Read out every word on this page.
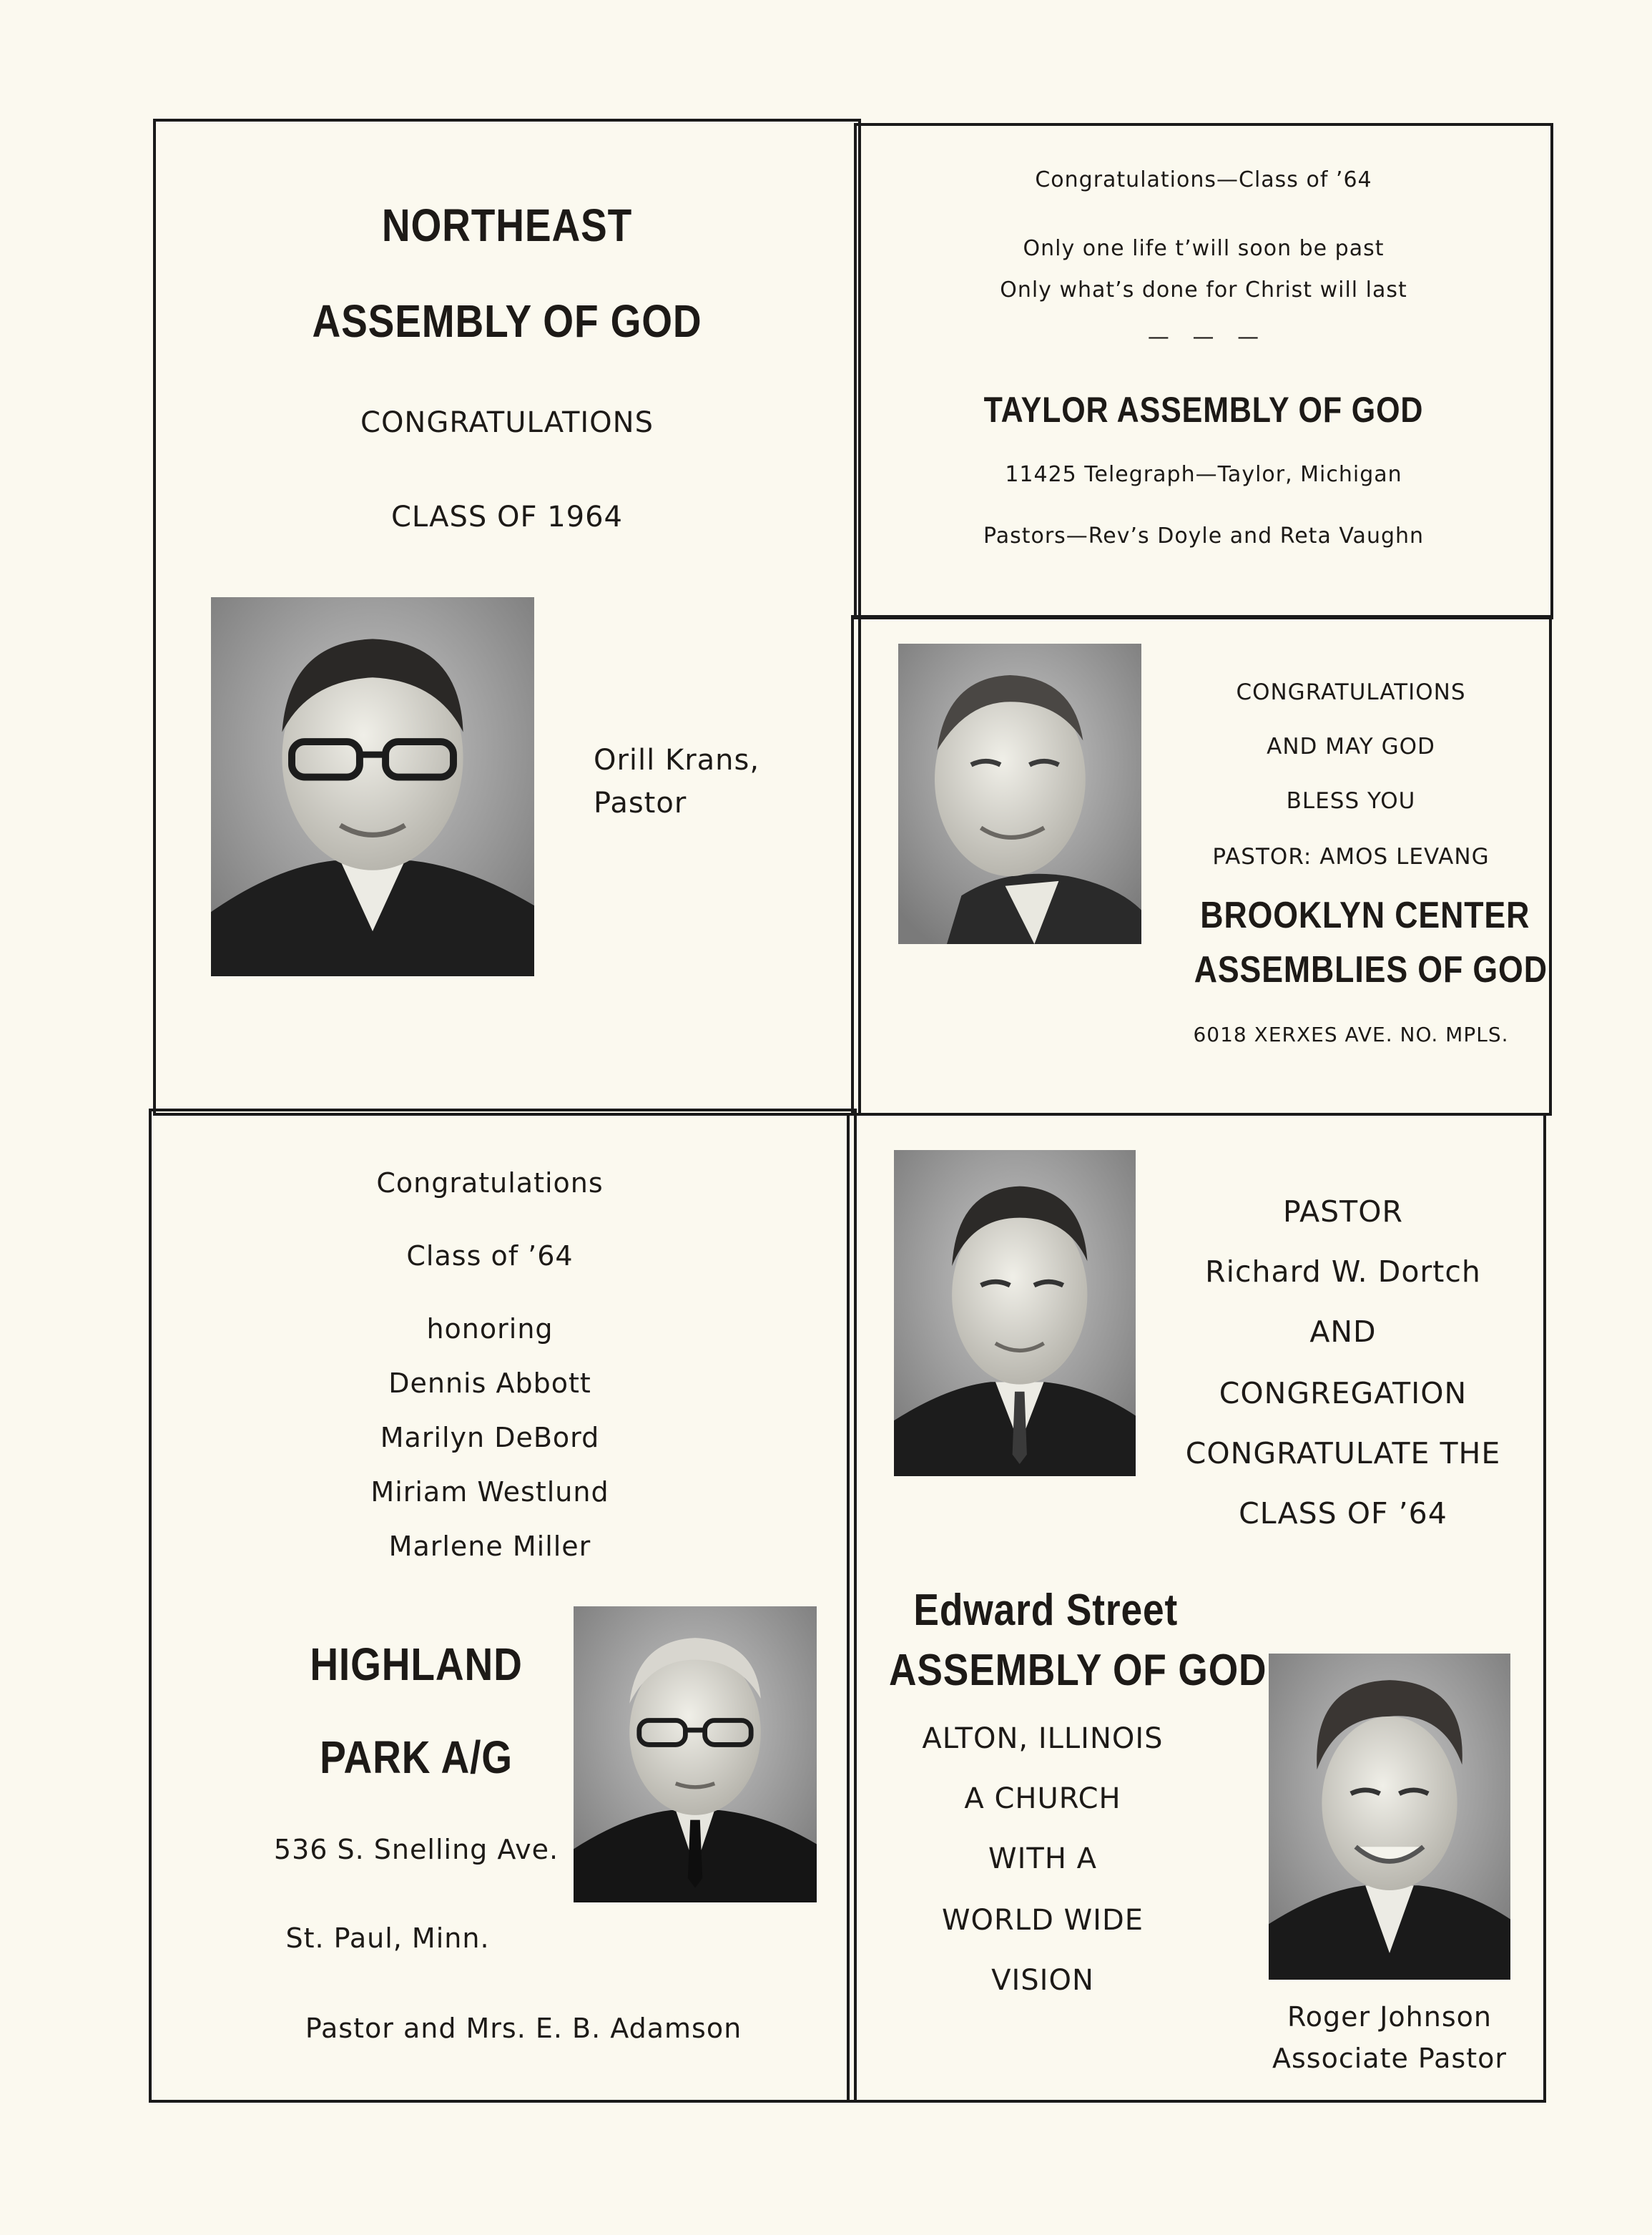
NORTHEAST
ASSEMBLY OF GOD
CONGRATULATIONS
CLASS OF 1964
Orill Krans,
Pastor
Congratulations—Class of ’64
Only one life t’will soon be past
Only what’s done for Christ will last
—   —   —
TAYLOR ASSEMBLY OF GOD
11425 Telegraph—Taylor, Michigan
Pastors—Rev’s Doyle and Reta Vaughn
CONGRATULATIONS
AND MAY GOD
BLESS YOU
PASTOR: AMOS LEVANG
BROOKLYN CENTER
ASSEMBLIES OF GOD
6018 XERXES AVE. NO. MPLS.
Congratulations
Class of ’64
honoring
Dennis Abbott
Marilyn DeBord
Miriam Westlund
Marlene Miller
HIGHLAND
PARK A/G
536 S. Snelling Ave.
St. Paul, Minn.
Pastor and Mrs. E. B. Adamson
PASTOR
Richard W. Dortch
AND
CONGREGATION
CONGRATULATE THE
CLASS OF ’64
Edward Street
ASSEMBLY OF GOD
ALTON, ILLINOIS
A CHURCH
WITH A
WORLD WIDE
VISION
Roger Johnson
Associate Pastor
